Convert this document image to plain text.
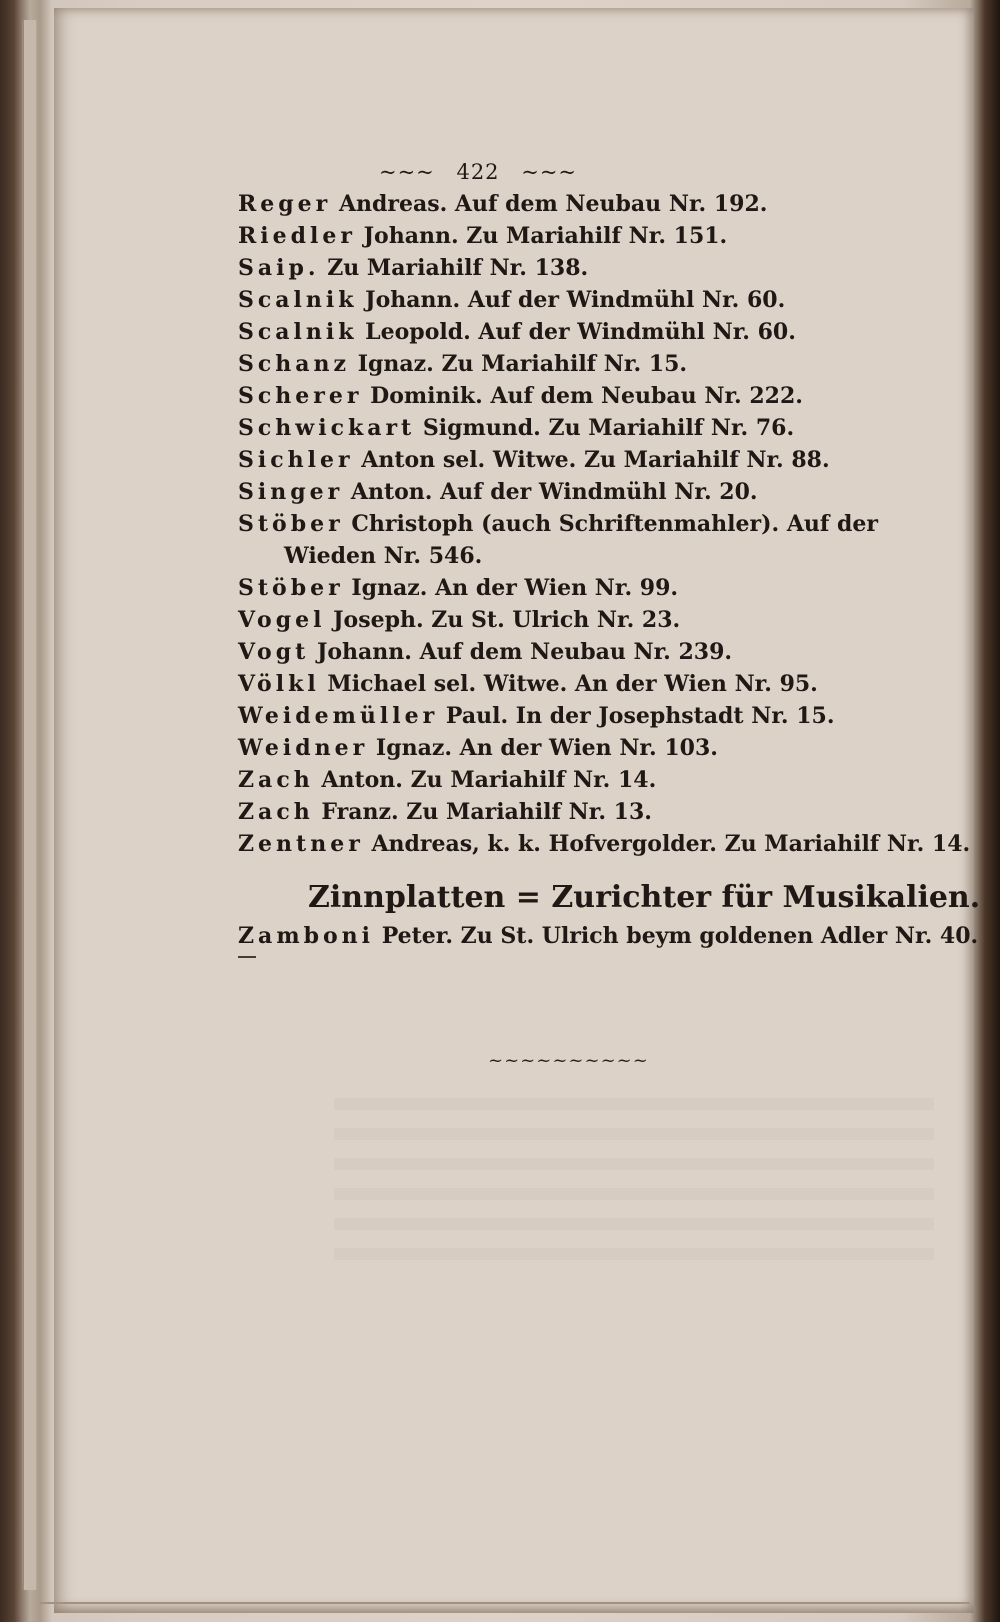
~~~ 422 ~~~
Reger Andreas. Auf dem Neubau Nr. 192.
Riedler Johann. Zu Mariahilf Nr. 151.
Saip. Zu Mariahilf Nr. 138.
Scalnik Johann. Auf der Windmühl Nr. 60.
Scalnik Leopold. Auf der Windmühl Nr. 60.
Schanz Ignaz. Zu Mariahilf Nr. 15.
Scherer Dominik. Auf dem Neubau Nr. 222.
Schwickart Sigmund. Zu Mariahilf Nr. 76.
Sichler Anton sel. Witwe. Zu Mariahilf Nr. 88.
Singer Anton. Auf der Windmühl Nr. 20.
Stöber Christoph (auch Schriftenmahler). Auf der Wieden Nr. 546.
Stöber Ignaz. An der Wien Nr. 99.
Vogel Joseph. Zu St. Ulrich Nr. 23.
Vogt Johann. Auf dem Neubau Nr. 239.
Völkl Michael sel. Witwe. An der Wien Nr. 95.
Weidemüller Paul. In der Josephstadt Nr. 15.
Weidner Ignaz. An der Wien Nr. 103.
Zach Anton. Zu Mariahilf Nr. 14.
Zach Franz. Zu Mariahilf Nr. 13.
Zentner Andreas, k. k. Hofvergolder. Zu Mariahilf Nr. 14.
Zinnplatten = Zurichter für Musikalien.
Zamboni Peter. Zu St. Ulrich beym goldenen Adler Nr. 40.
~~~~~~~~~~
